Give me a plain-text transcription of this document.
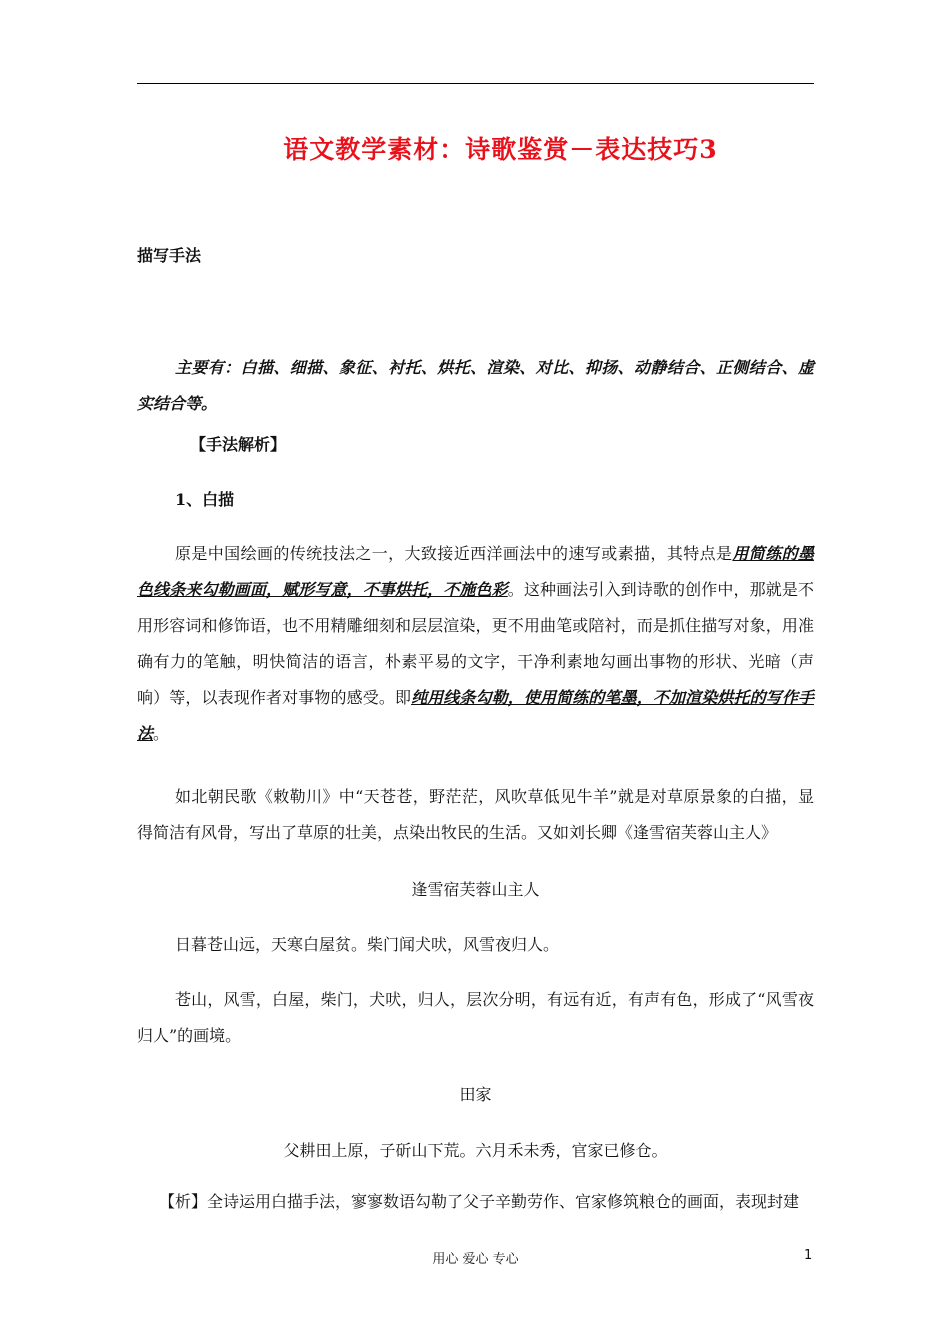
语文教学素材：诗歌鉴赏－表达技巧3
描写手法
主要有：白描、细描、象征、衬托、烘托、渲染、对比、抑扬、动静结合、正侧结合、虚实结合等。
【手法解析】
1、白描
原是中国绘画的传统技法之一，大致接近西洋画法中的速写或素描，其特点是用简练的墨色线条来勾勒画面，赋形写意，不事烘托，不施色彩。这种画法引入到诗歌的创作中，那就是不用形容词和修饰语，也不用精雕细刻和层层渲染，更不用曲笔或陪衬，而是抓住描写对象，用准确有力的笔触，明快简洁的语言，朴素平易的文字，干净利素地勾画出事物的形状、光暗（声响）等，以表现作者对事物的感受。即纯用线条勾勒，使用简练的笔墨，不加渲染烘托的写作手法。
如北朝民歌《敕勒川》中“天苍苍，野茫茫，风吹草低见牛羊”就是对草原景象的白描，显得简洁有风骨，写出了草原的壮美，点染出牧民的生活。又如刘长卿《逢雪宿芙蓉山主人》
逢雪宿芙蓉山主人
日暮苍山远，天寒白屋贫。柴门闻犬吠，风雪夜归人。
苍山，风雪，白屋，柴门，犬吠，归人，层次分明，有远有近，有声有色，形成了“风雪夜归人”的画境。
田家
父耕田上原，子斫山下荒。六月禾未秀，官家已修仓。
【析】全诗运用白描手法，寥寥数语勾勒了父子辛勤劳作、官家修筑粮仓的画面，表现封建
用心 爱心 专心	1
